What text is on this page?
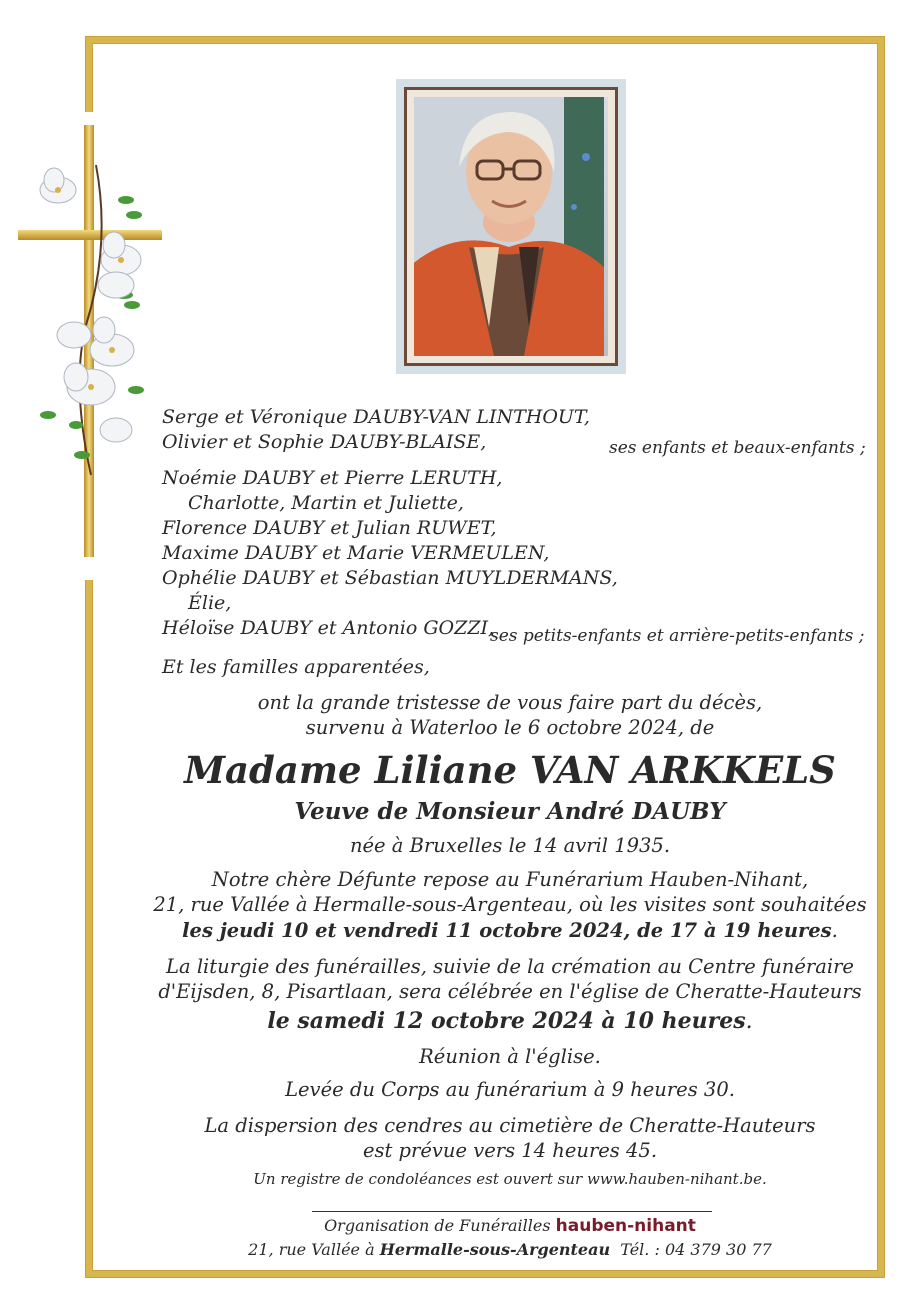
Serge et Véronique DAUBY-VAN LINTHOUT,
Olivier et Sophie DAUBY-BLAISE,	ses enfants et beaux-enfants ;
Noémie DAUBY et Pierre LERUTH,
Charlotte, Martin et Juliette,
Florence DAUBY et Julian RUWET,
Maxime DAUBY et Marie VERMEULEN,
Ophélie DAUBY et Sébastian MUYLDERMANS,
Élie,
Héloïse DAUBY et Antonio GOZZI,
ses petits-enfants et arrière-petits-enfants ;
Et les familles apparentées,
ont la grande tristesse de vous faire part du décès,
survenu à Waterloo le 6 octobre 2024, de
Madame Liliane VAN ARKKELS
Veuve de Monsieur André DAUBY
née à Bruxelles le 14 avril 1935.
Notre chère Défunte repose au Funérarium Hauben-Nihant,
21, rue Vallée à Hermalle-sous-Argenteau, où les visites sont souhaitées
les jeudi 10 et vendredi 11 octobre 2024, de 17 à 19 heures.
La liturgie des funérailles, suivie de la crémation au Centre funéraire
d'Eijsden, 8, Pisartlaan, sera célébrée en l'église de Cheratte-Hauteurs
le samedi 12 octobre 2024 à 10 heures.
Réunion à l'église.
Levée du Corps au funérarium à 9 heures 30.
La dispersion des cendres au cimetière de Cheratte-Hauteurs
est prévue vers 14 heures 45.
Un registre de condoléances est ouvert sur www.hauben-nihant.be.
Organisation de Funérailles hauben-nihant
21, rue Vallée à Hermalle-sous-Argenteau Tél. : 04 379 30 77
